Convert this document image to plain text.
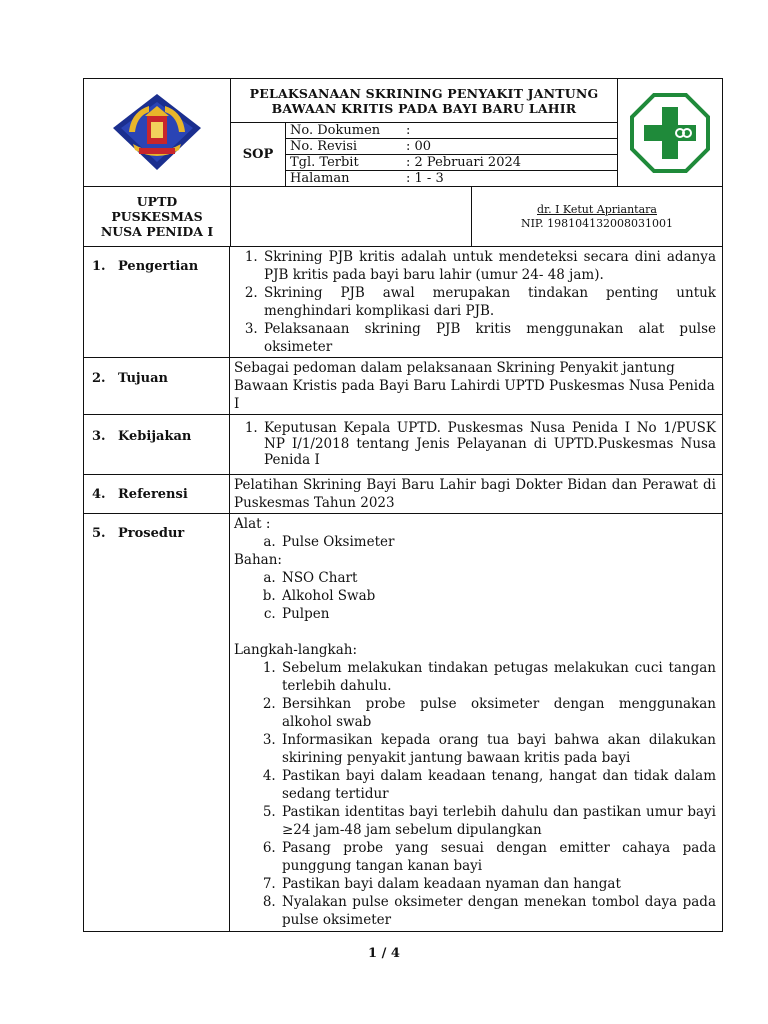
PELAKSANAAN SKRINING PENYAKIT JANTUNG BAWAAN KRITIS PADA BAYI BARU LAHIR
SOP
No. Dokumen	:
No. Revisi	: 00
Tgl. Terbit	: 2 Pebruari 2024
Halaman	: 1 - 3
UPTD
PUSKESMAS
NUSA PENIDA I
dr. I Ketut Apriantara
NIP. 198104132008031001
1. Pengertian
1. Skrining PJB kritis adalah untuk mendeteksi secara dini adanya PJB kritis pada bayi baru lahir (umur 24- 48 jam).
2. Skrining PJB awal merupakan tindakan penting untuk menghindari komplikasi dari PJB.
3. Pelaksanaan skrining PJB kritis menggunakan alat pulse oksimeter
2. Tujuan

Sebagai pedoman dalam pelaksanaan Skrining Penyakit jantung Bawaan Kristis pada Bayi Baru Lahirdi UPTD Puskesmas Nusa Penida I

3. Kebijakan
1. Keputusan Kepala UPTD. Puskesmas Nusa Penida I No 1/PUSK NP I/1/2018 tentang Jenis Pelayanan di UPTD.Puskesmas Nusa Penida I
4. Referensi

Pelatihan Skrining Bayi Baru Lahir bagi Dokter Bidan dan Perawat di Puskesmas Tahun 2023

5. Prosedur

Alat :

a. Pulse Oksimeter

Bahan:

a. NSO Chart
b. Alkohol Swab
c. Pulpen

Langkah-langkah:

1. Sebelum melakukan tindakan petugas melakukan cuci tangan terlebih dahulu.
2. Bersihkan probe pulse oksimeter dengan menggunakan alkohol swab
3. Informasikan kepada orang tua bayi bahwa akan dilakukan skirining penyakit jantung bawaan kritis pada bayi
4. Pastikan bayi dalam keadaan tenang, hangat dan tidak dalam sedang tertidur
5. Pastikan identitas bayi terlebih dahulu dan pastikan umur bayi ≥24 jam-48 jam sebelum dipulangkan
6. Pasang probe yang sesuai dengan emitter cahaya pada punggung tangan kanan bayi
7. Pastikan bayi dalam keadaan nyaman dan hangat
8. Nyalakan pulse oksimeter dengan menekan tombol daya pada pulse oksimeter
1 / 4
